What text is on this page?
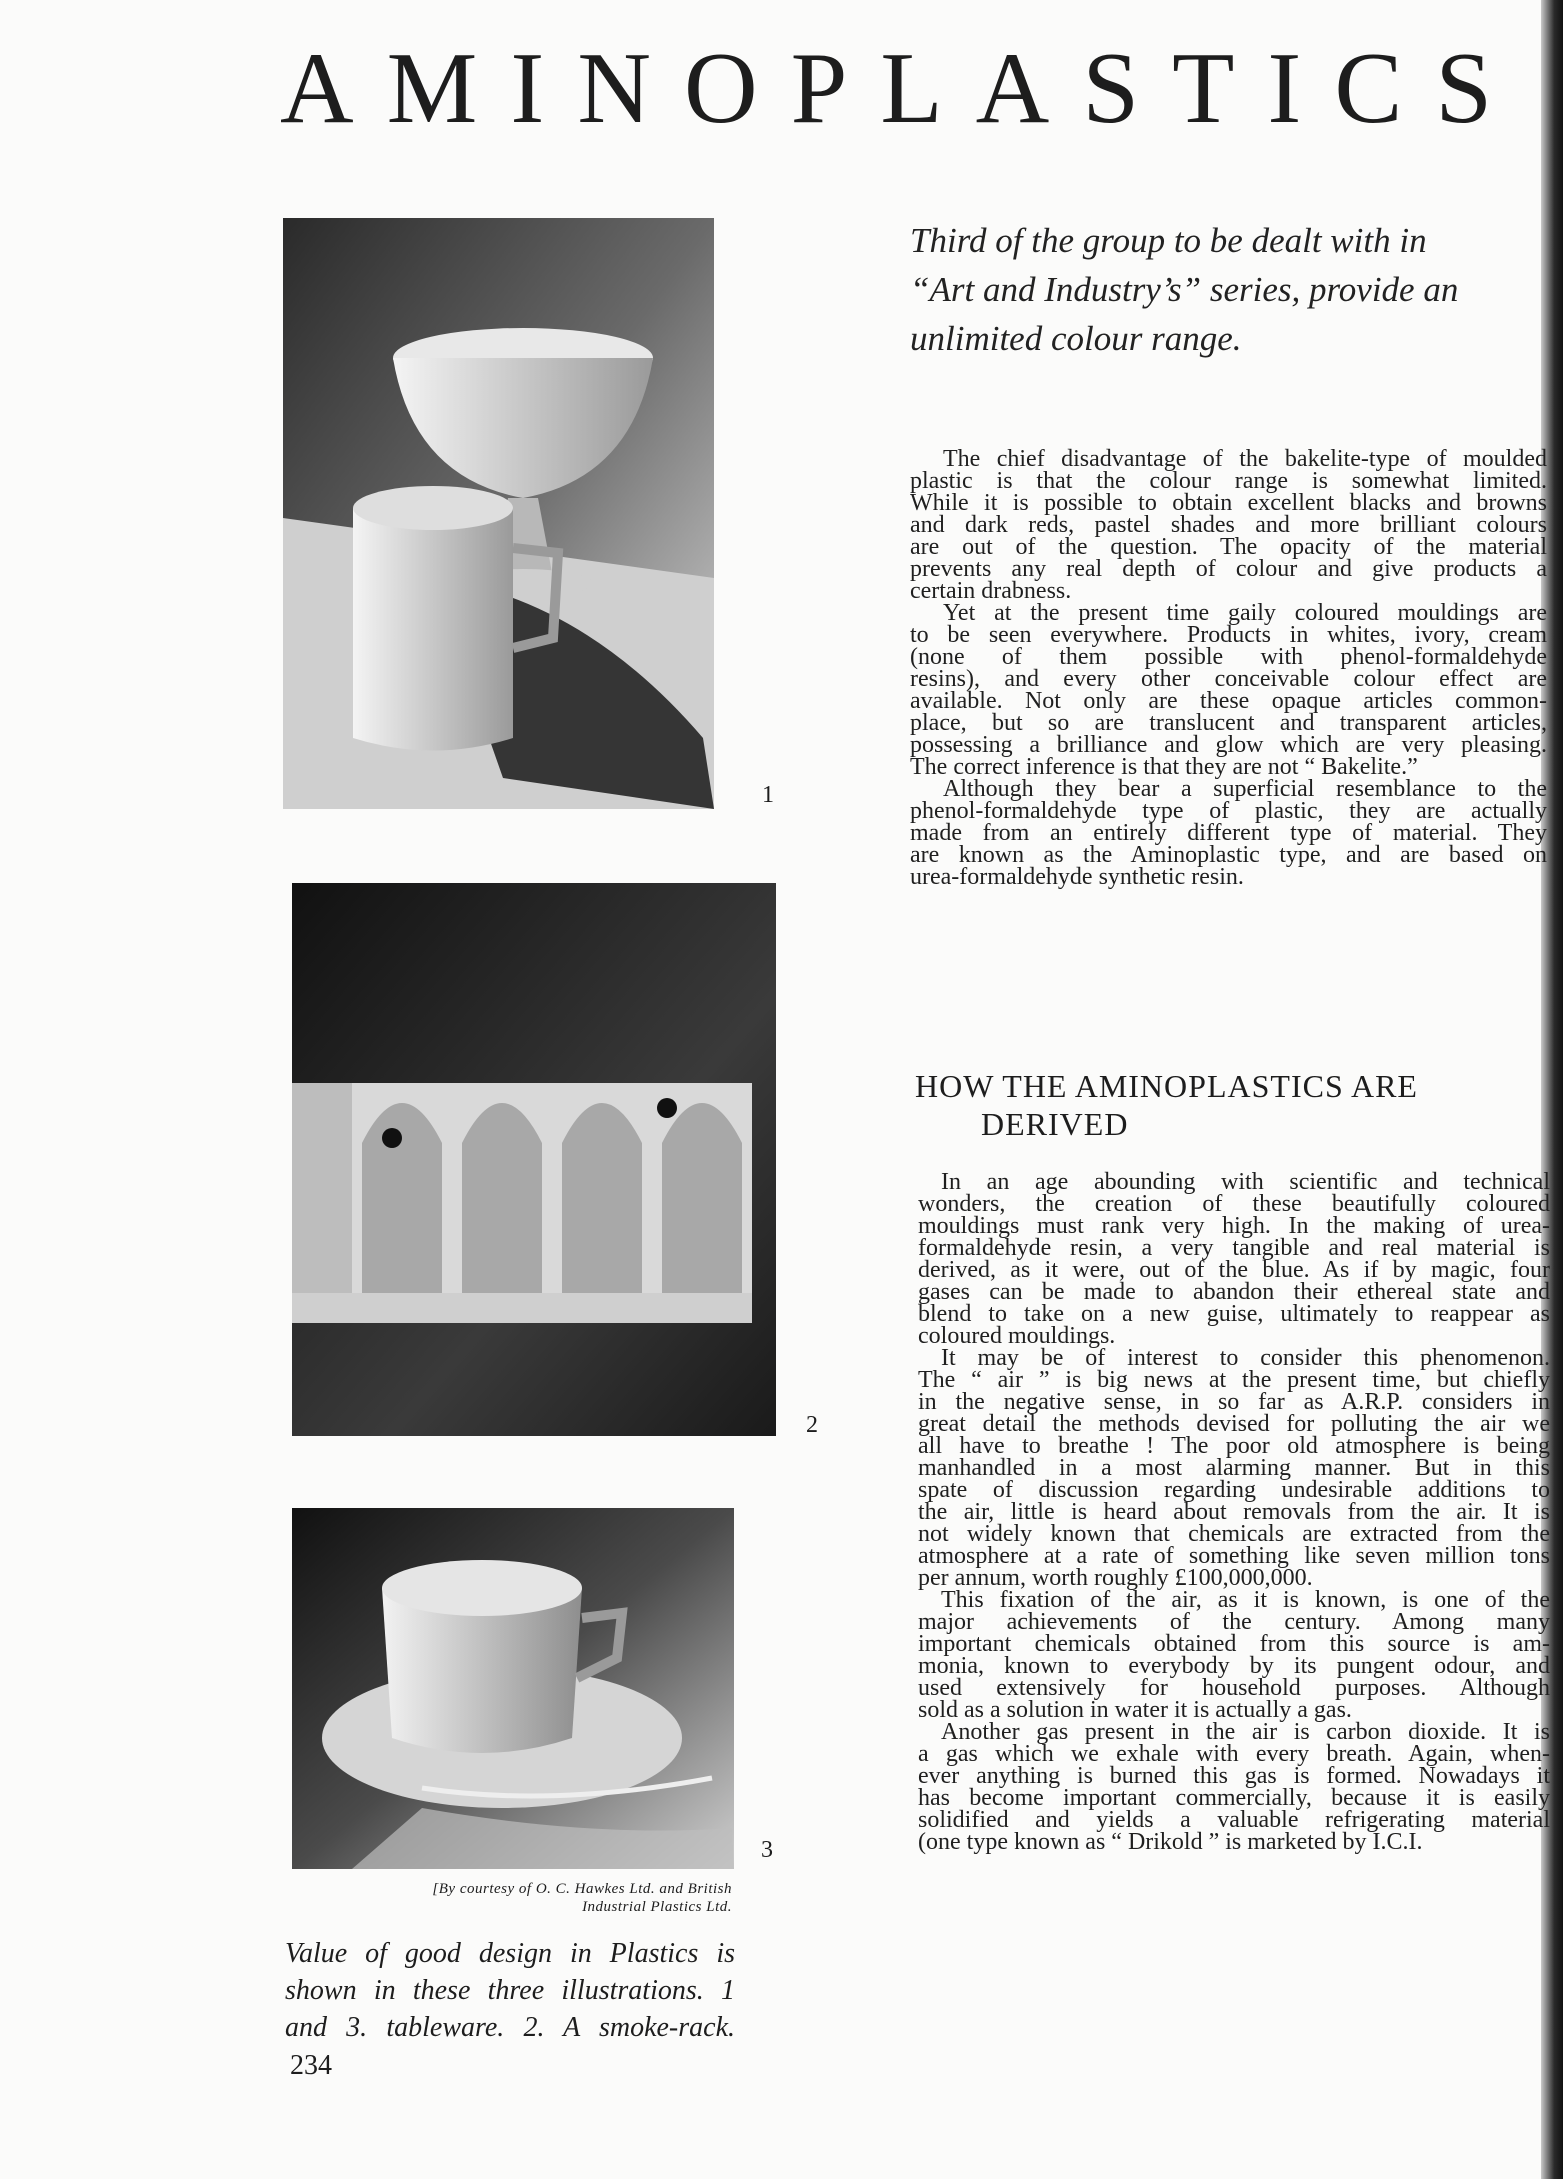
AMINOPLASTICS
1
2
3
[By courtesy of O. C. Hawkes Ltd. and British
Industrial Plastics Ltd.
Value of good design in Plastics is
shown in these three illustrations. 1
and 3. tableware. 2. A smoke-rack.
234
Third of the group to be dealt with in
“Art and Industry’s” series, provide an
unlimited colour range.
The chief disadvantage of the bakelite-type of moulded
plastic is that the colour range is somewhat limited.
While it is possible to obtain excellent blacks and browns
and dark reds, pastel shades and more brilliant colours
are out of the question. The opacity of the material
prevents any real depth of colour and give products a
certain drabness.
Yet at the present time gaily coloured mouldings are
to be seen everywhere. Products in whites, ivory, cream
(none of them possible with phenol-formaldehyde
resins), and every other conceivable colour effect are
available. Not only are these opaque articles common-
place, but so are translucent and transparent articles,
possessing a brilliance and glow which are very pleasing.
The correct inference is that they are not “ Bakelite.”
Although they bear a superficial resemblance to the
phenol-formaldehyde type of plastic, they are actually
made from an entirely different type of material. They
are known as the Aminoplastic type, and are based on
urea-formaldehyde synthetic resin.
HOW THE AMINOPLASTICS ARE
DERIVED
In an age abounding with scientific and technical
wonders, the creation of these beautifully coloured
mouldings must rank very high. In the making of urea-
formaldehyde resin, a very tangible and real material is
derived, as it were, out of the blue. As if by magic, four
gases can be made to abandon their ethereal state and
blend to take on a new guise, ultimately to reappear as
coloured mouldings.
It may be of interest to consider this phenomenon.
The “ air ” is big news at the present time, but chiefly
in the negative sense, in so far as A.R.P. considers in
great detail the methods devised for polluting the air we
all have to breathe ! The poor old atmosphere is being
manhandled in a most alarming manner. But in this
spate of discussion regarding undesirable additions to
the air, little is heard about removals from the air. It is
not widely known that chemicals are extracted from the
atmosphere at a rate of something like seven million tons
per annum, worth roughly £100,000,000.
This fixation of the air, as it is known, is one of the
major achievements of the century. Among many
important chemicals obtained from this source is am-
monia, known to everybody by its pungent odour, and
used extensively for household purposes. Although
sold as a solution in water it is actually a gas.
Another gas present in the air is carbon dioxide. It is
a gas which we exhale with every breath. Again, when-
ever anything is burned this gas is formed. Nowadays it
has become important commercially, because it is easily
solidified and yields a valuable refrigerating material
(one type known as “ Drikold ” is marketed by I.C.I.
